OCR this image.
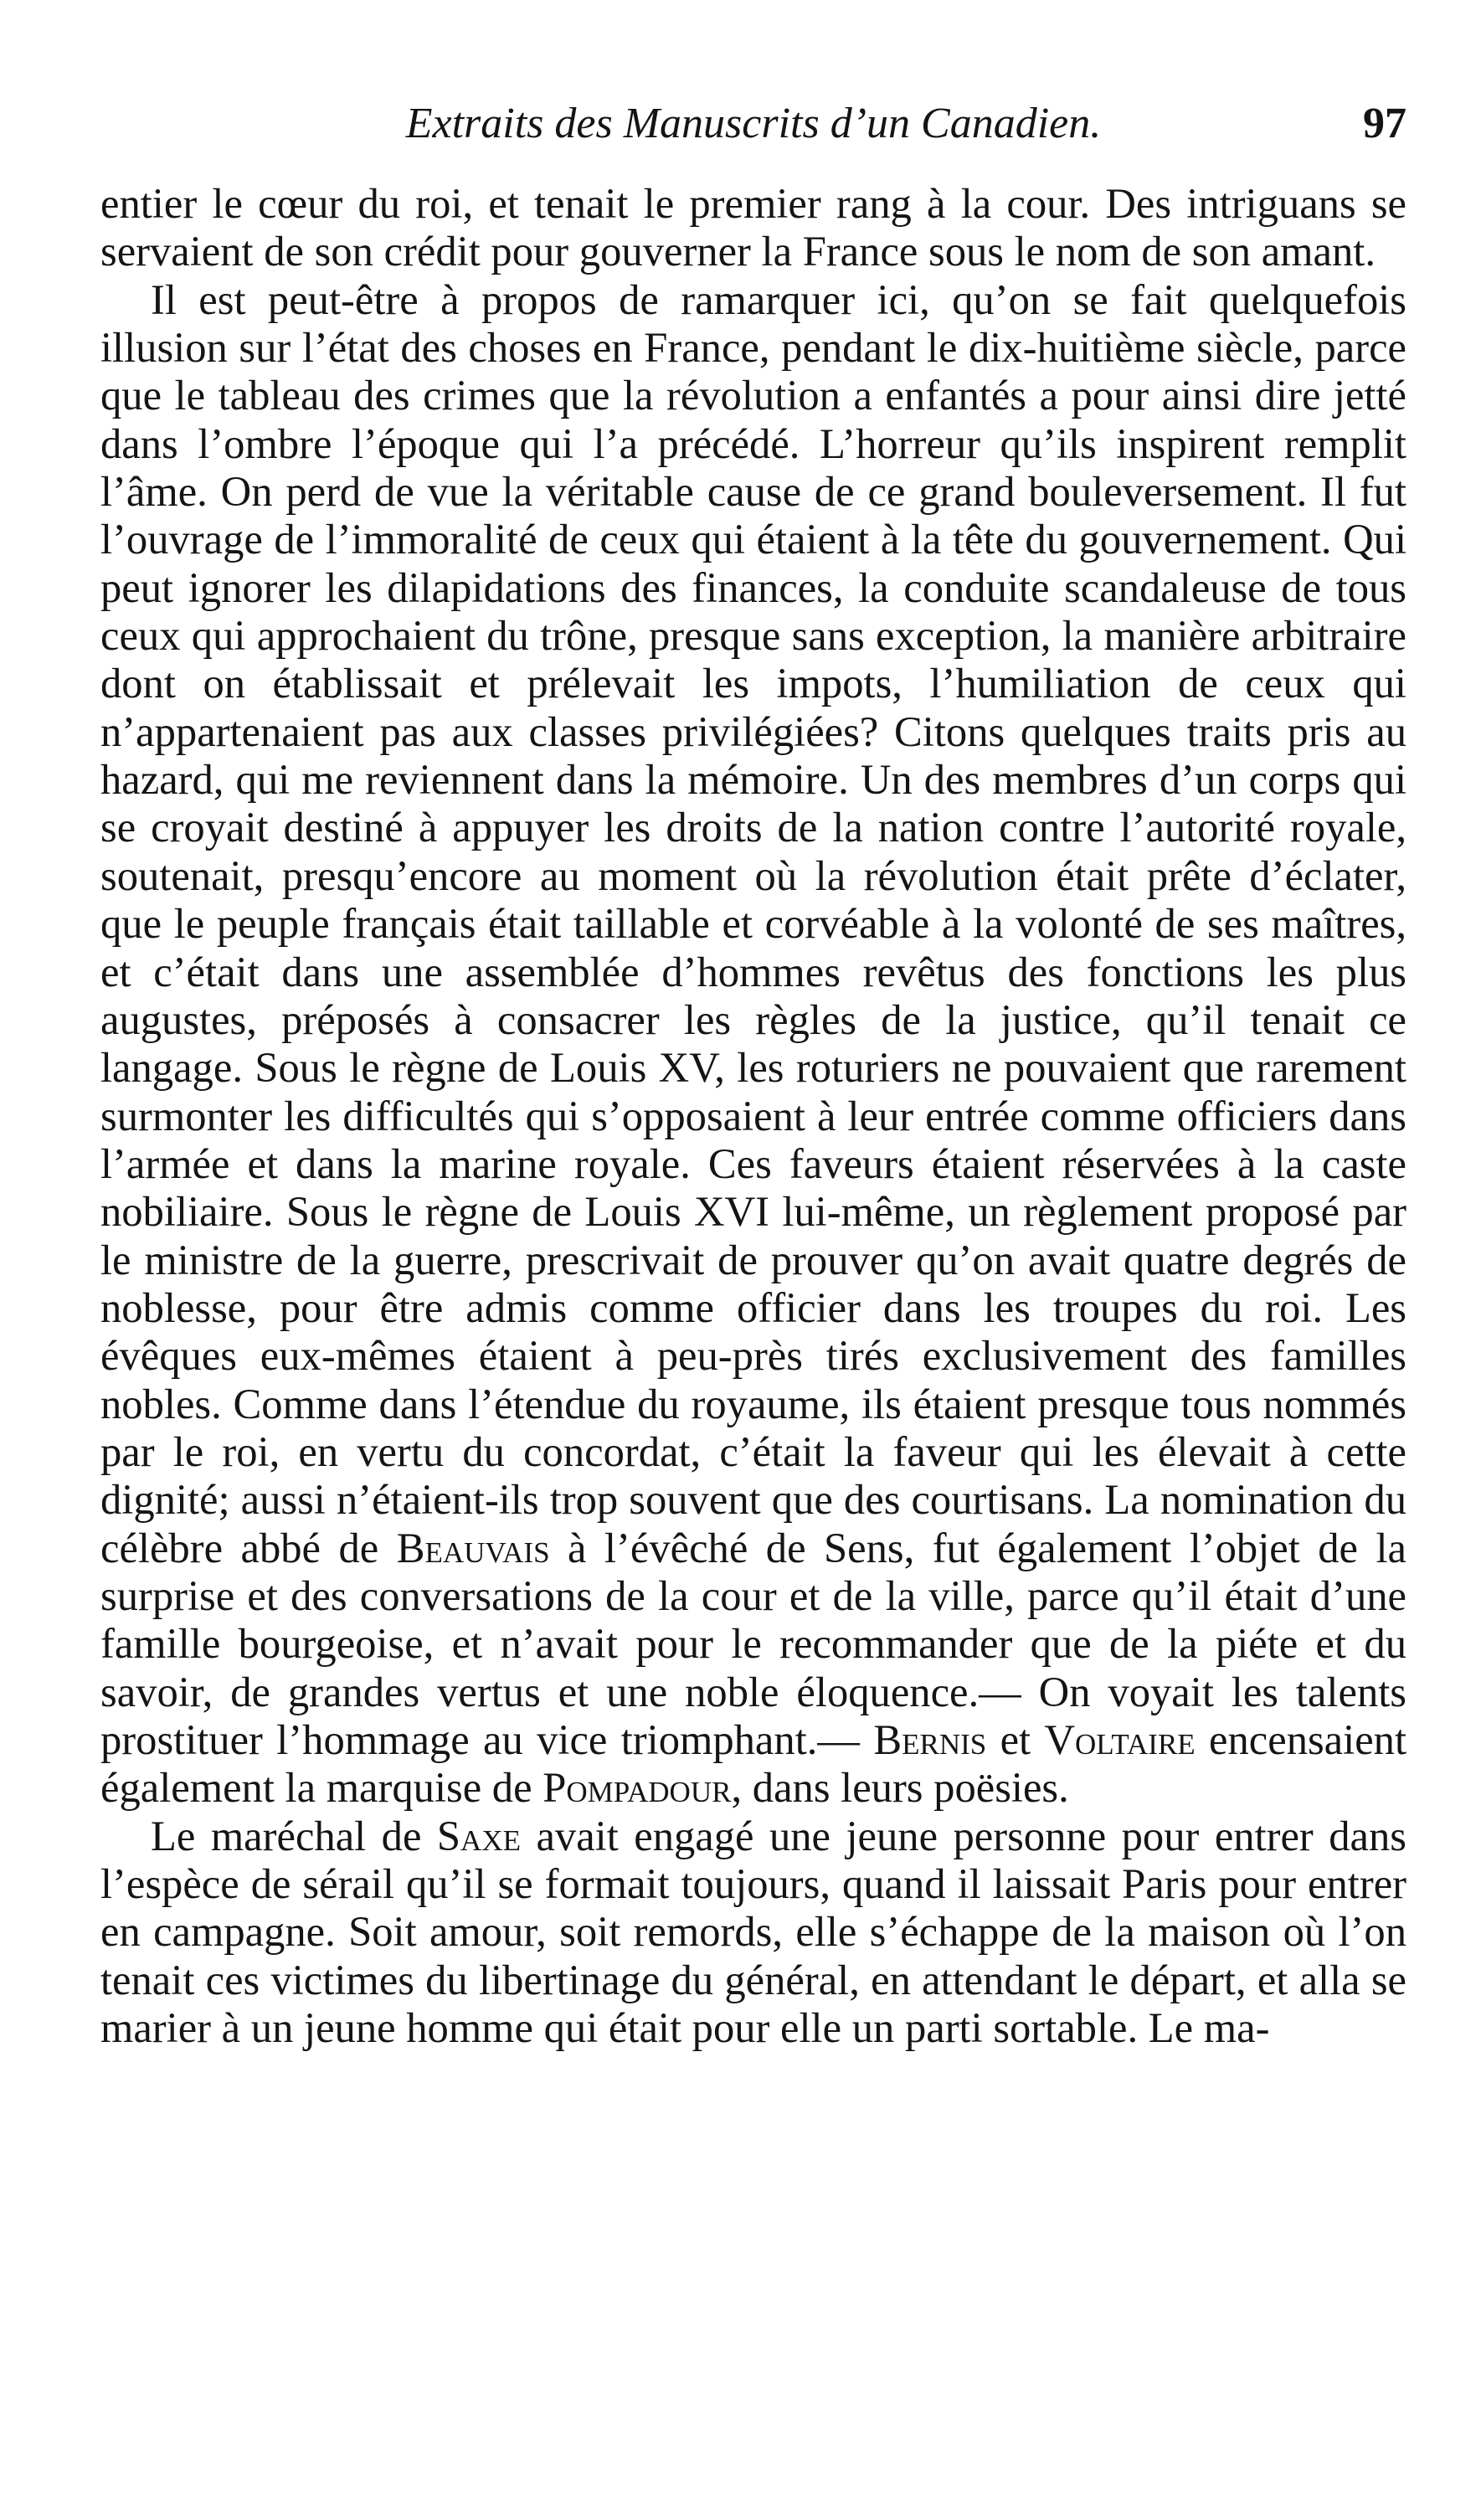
Extraits des Manuscrits d’un Canadien.	97

entier le cœur du roi, et tenait le premier rang à la cour. Des intriguans se servaient de son crédit pour gouverner la France sous le nom de son amant.

Il est peut-être à propos de ramarquer ici, qu’on se fait quelquefois illusion sur l’état des choses en France, pendant le dix-huitième siècle, parce que le tableau des crimes que la révolution a enfantés a pour ainsi dire jetté dans l’ombre l’époque qui l’a précédé. L’horreur qu’ils inspirent remplit l’âme. On perd de vue la véritable cause de ce grand bouleversement. Il fut l’ouvrage de l’immoralité de ceux qui étaient à la tête du gouvernement. Qui peut ignorer les dilapidations des finances, la conduite scandaleuse de tous ceux qui approchaient du trône, presque sans exception, la manière arbitraire dont on établissait et prélevait les impots, l’humiliation de ceux qui n’appartenaient pas aux classes privilégiées? Citons quelques traits pris au hazard, qui me reviennent dans la mémoire. Un des membres d’un corps qui se croyait destiné à appuyer les droits de la nation contre l’autorité royale, soutenait, presqu’encore au moment où la révolution était prête d’éclater, que le peuple français était taillable et corvéable à la volonté de ses maîtres, et c’était dans une assemblée d’hommes revêtus des fonctions les plus augustes, préposés à consacrer les règles de la justice, qu’il tenait ce langage. Sous le règne de Louis XV, les roturiers ne pouvaient que rarement surmonter les difficultés qui s’opposaient à leur entrée comme officiers dans l’armée et dans la marine royale. Ces faveurs étaient réservées à la caste nobiliaire. Sous le règne de Louis XVI lui-même, un règlement proposé par le ministre de la guerre, prescrivait de prouver qu’on avait quatre degrés de noblesse, pour être admis comme officier dans les troupes du roi. Les évêques eux-mêmes étaient à peu-près tirés exclusivement des familles nobles. Comme dans l’étendue du royaume, ils étaient presque tous nommés par le roi, en vertu du concordat, c’était la faveur qui les élevait à cette dignité; aussi n’étaient-ils trop souvent que des courtisans. La nomination du célèbre abbé de Beauvais à l’évêché de Sens, fut également l’objet de la surprise et des conversations de la cour et de la ville, parce qu’il était d’une famille bourgeoise, et n’avait pour le recommander que de la piéte et du savoir, de grandes vertus et une noble éloquence.— On voyait les talents prostituer l’hommage au vice triomphant.— Bernis et Voltaire encensaient également la marquise de Pompadour, dans leurs poësies.

Le maréchal de Saxe avait engagé une jeune personne pour entrer dans l’espèce de sérail qu’il se formait toujours, quand il laissait Paris pour entrer en campagne. Soit amour, soit remords, elle s’échappe de la maison où l’on tenait ces victimes du libertinage du général, en attendant le départ, et alla se marier à un jeune homme qui était pour elle un parti sortable. Le ma-
